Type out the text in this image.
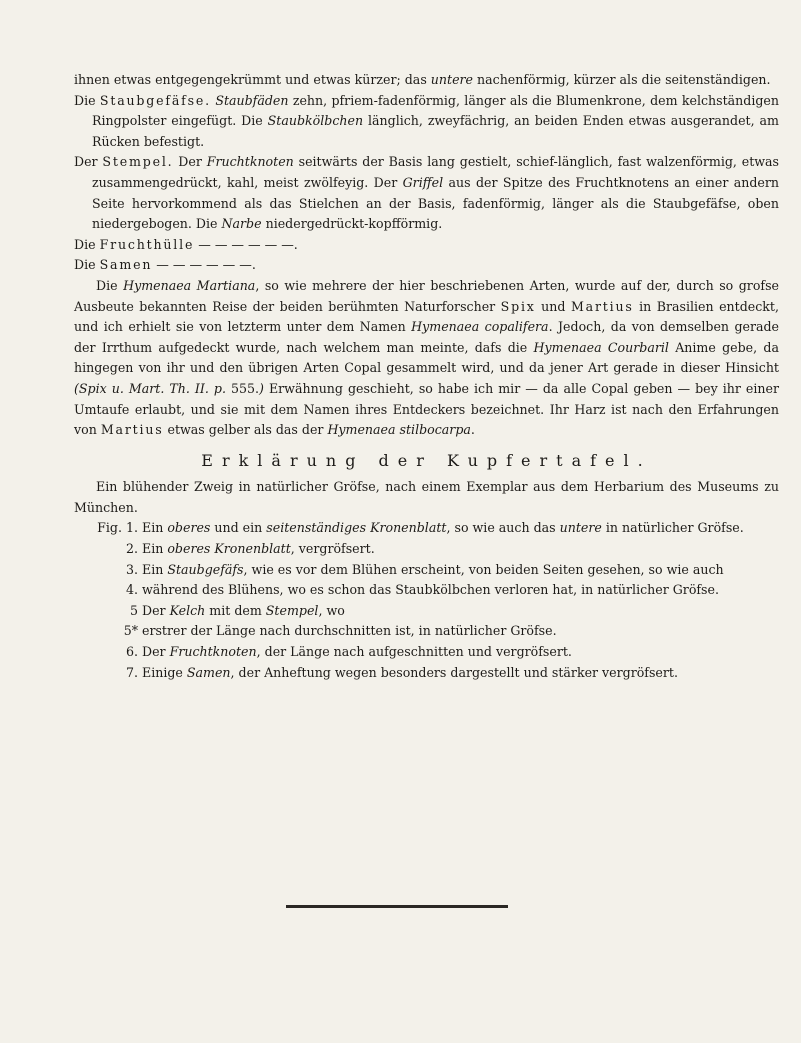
ihnen etwas entgegengekrümmt und etwas kürzer; das untere nachenförmig, kürzer als die seitenständigen.

Die Staubgefäfse. Staubfäden zehn, pfriem-fadenförmig, länger als die Blumenkrone, dem kelchständigen Ringpolster eingefügt. Die Staubkölbchen länglich, zweyfächrig, an beiden Enden etwas ausgerandet, am Rücken befestigt.

Der Stempel. Der Fruchtknoten seitwärts der Basis lang gestielt, schief-länglich, fast walzenförmig, etwas zusammengedrückt, kahl, meist zwölfeyig. Der Griffel aus der Spitze des Fruchtknotens an einer andern Seite hervorkommend als das Stielchen an der Basis, fadenförmig, länger als die Staubgefäfse, oben niedergebogen. Die Narbe niedergedrückt-kopfförmig.

Die Fruchthülle — — — — — —.

Die Samen — — — — — —.

Die Hymenaea Martiana, so wie mehrere der hier beschriebenen Arten, wurde auf der, durch so grofse Ausbeute bekannten Reise der beiden berühmten Naturforscher Spix und Martius in Brasilien entdeckt, und ich erhielt sie von letzterm unter dem Namen Hymenaea copalifera. Jedoch, da von demselben gerade der Irrthum aufgedeckt wurde, nach welchem man meinte, dafs die Hymenaea Courbaril Anime gebe, da hingegen von ihr und den übrigen Arten Copal gesammelt wird, und da jener Art gerade in dieser Hinsicht (Spix u. Mart. Th. II. p. 555.) Erwähnung geschieht, so habe ich mir — da alle Copal geben — bey ihr einer Umtaufe erlaubt, und sie mit dem Namen ihres Entdeckers bezeichnet. Ihr Harz ist nach den Erfahrungen von Martius etwas gelber als das der Hymenaea stilbocarpa.

Erklärung der Kupfertafel.

Ein blühender Zweig in natürlicher Gröfse, nach einem Exemplar aus dem Herbarium des Museums zu München.

Fig. 1. Ein oberes und ein seitenständiges Kronenblatt, so wie auch das untere in natürlicher Gröfse.

2. Ein oberes Kronenblatt, vergröfsert.

3. Ein Staubgefäfs, wie es vor dem Blühen erscheint, von beiden Seiten gesehen, so wie auch

4. während des Blühens, wo es schon das Staubkölbchen verloren hat, in natürlicher Gröfse.

5 Der Kelch mit dem Stempel, wo

5* erstrer der Länge nach durchschnitten ist, in natürlicher Gröfse.

6. Der Fruchtknoten, der Länge nach aufgeschnitten und vergröfsert.

7. Einige Samen, der Anheftung wegen besonders dargestellt und stärker vergröfsert.
